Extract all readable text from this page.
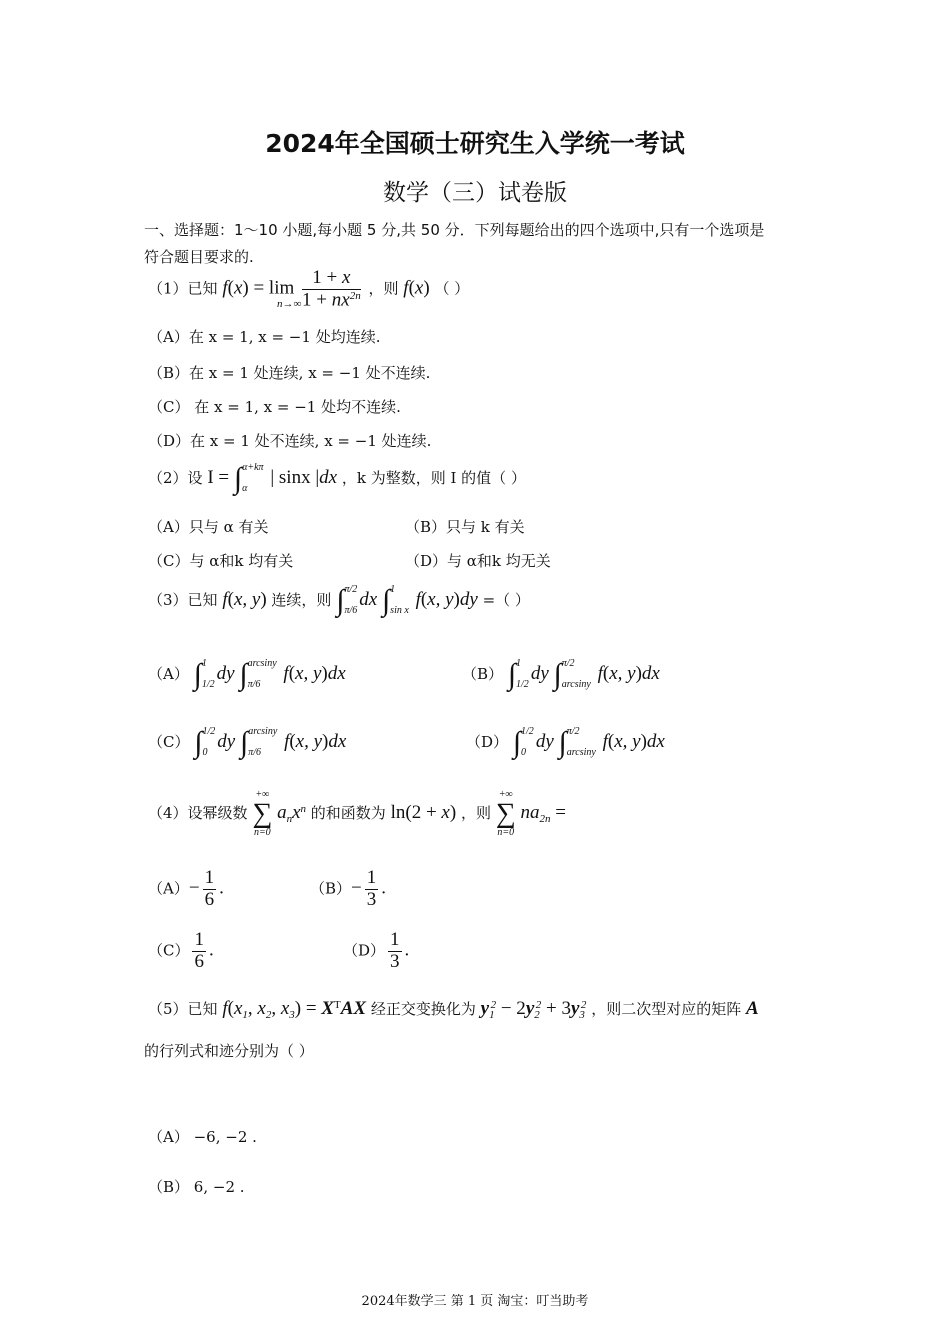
2024年全国硕士研究生入学统一考试
数学（三）试卷版
一、选择题：1～10 小题,每小题 5 分,共 50 分．下列每题给出的四个选项中,只有一个选项是
符合题目要求的.
（1）已知 $f(x) = \lim \frac{1 + x}{1 + nx^{2n}}$ ，则 f(x) （ ）
n→∞
（A）在 x = 1, x = −1 处均连续.
（B）在 x = 1 处连续, x = −1 处不连续.
（C） 在 x = 1, x = −1 处均不连续.
（D）在 x = 1 处不连续, x = −1 处连续.
（2）设 I = ∫α+kπ

α | sinx |dx ，k 为整数，则 I 的值（ ）
（A）只与 α 有关	（B）只与 k 有关
（C）与 α和k 均有关	（D）与 α和k 均无关
（3）已知 f(x, y) 连续，则 ∫π/2

π/6dx ∫1

sin x f(x, y)dy =（ ）
（A） ∫1

1/2dy ∫arcsiny

π/6 f(x, y)dx	（B） ∫1

1/2dy ∫π/2

arcsiny f(x, y)dx
（C） ∫1/2

0dy ∫arcsiny

π/6 f(x, y)dx	（D） ∫1/2

0dy ∫π/2

arcsiny f(x, y)dx
（4）设幂级数
+∞
∑
n=0
$a_nx^n$ 的和函数为 ln(2 + x) ，则
+∞
∑
n=0
$na_{2n}$ =
$(A)- \frac{1}{6}$ .	$(B)- \frac{1}{3}$ .
$(C) \frac{1}{6}$ .	$(D) \frac{1}{3}$ .
（5）已知 $f(x_1$, $x_2$, $x_3) = X^TAX$ 经正交变换化为 $y_1^2 - 2y_2^2 + 3y_3^2$ ，则二次型对应的矩阵 A
的行列式和迹分别为（ ）
（A） −6, −2 .
（B） 6, −2 .
2024年数学三 第 1 页 淘宝：叮当助考
